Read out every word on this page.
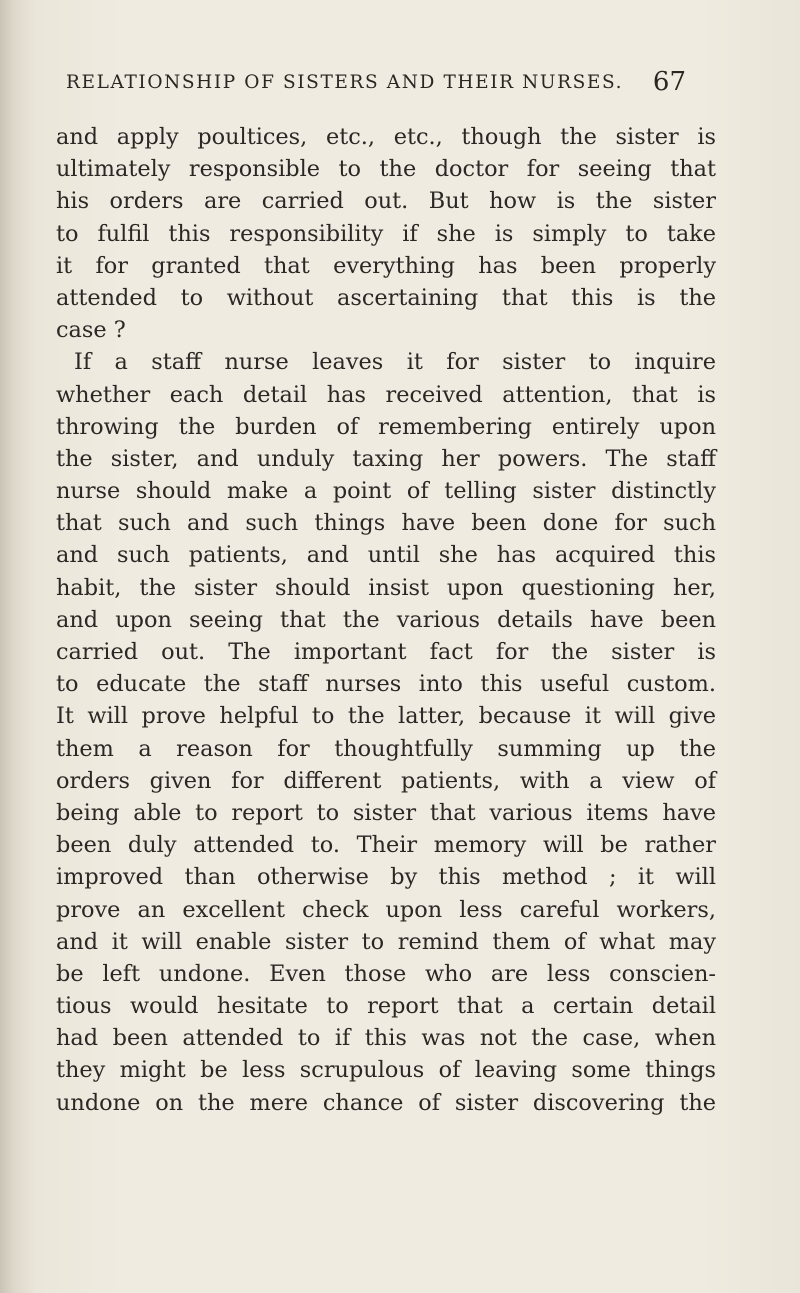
RELATIONSHIP OF SISTERS AND THEIR NURSES. 67
and apply poultices, etc., etc., though the sister is
ultimately responsible to the doctor for seeing that
his orders are carried out. But how is the sister
to fulfil this responsibility if she is simply to take
it for granted that everything has been properly
attended to without ascertaining that this is the
case ?
If a staff nurse leaves it for sister to inquire
whether each detail has received attention, that is
throwing the burden of remembering entirely upon
the sister, and unduly taxing her powers. The staff
nurse should make a point of telling sister distinctly
that such and such things have been done for such
and such patients, and until she has acquired this
habit, the sister should insist upon questioning her,
and upon seeing that the various details have been
carried out. The important fact for the sister is
to educate the staff nurses into this useful custom.
It will prove helpful to the latter, because it will give
them a reason for thoughtfully summing up the
orders given for different patients, with a view of
being able to report to sister that various items have
been duly attended to. Their memory will be rather
improved than otherwise by this method ; it will
prove an excellent check upon less careful workers,
and it will enable sister to remind them of what may
be left undone. Even those who are less conscien-
tious would hesitate to report that a certain detail
had been attended to if this was not the case, when
they might be less scrupulous of leaving some things
undone on the mere chance of sister discovering the
